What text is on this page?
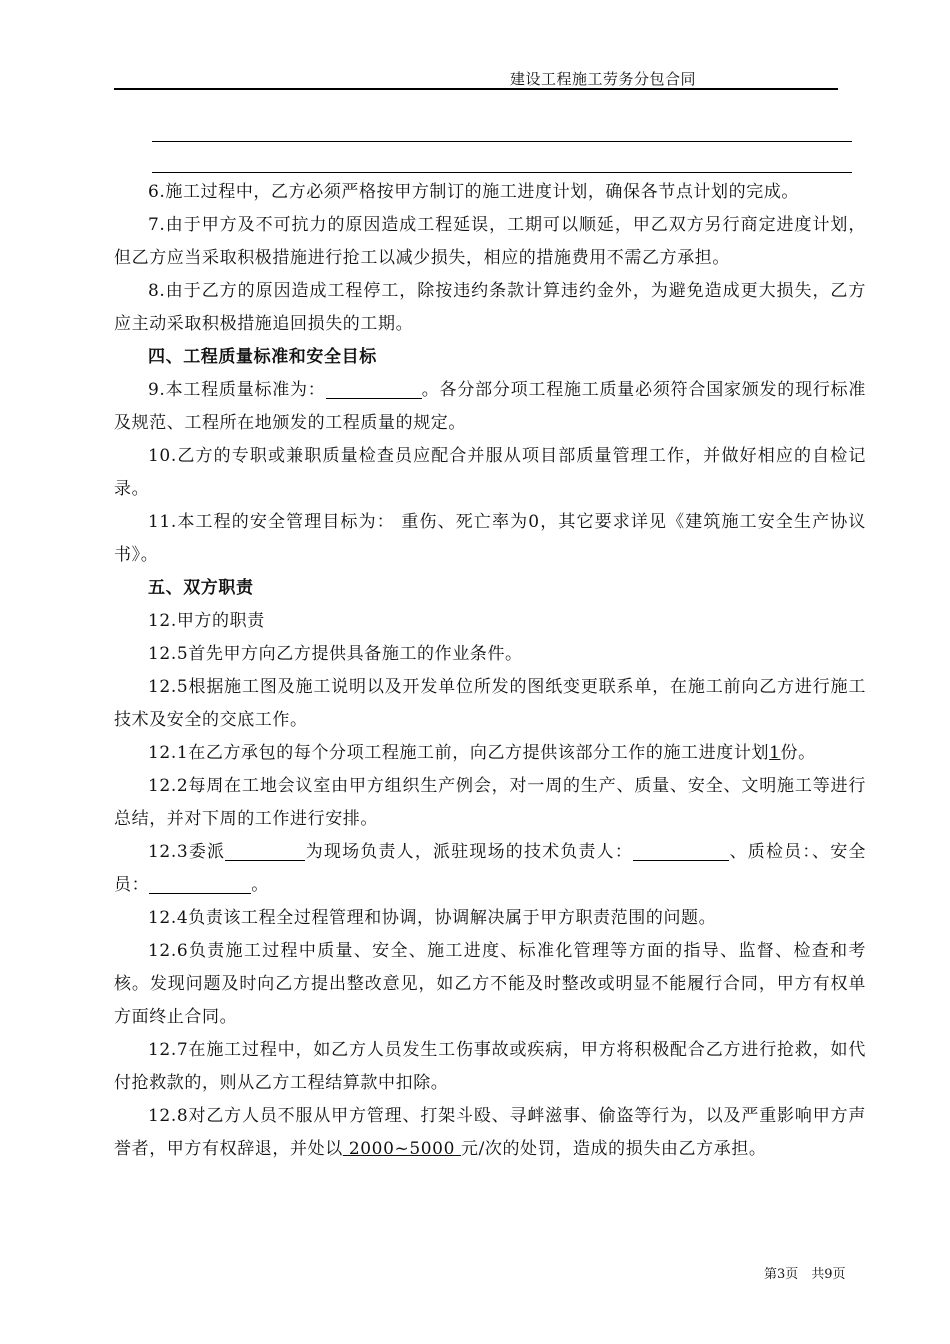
建设工程施工劳务分包合同

6.施工过程中，乙方必须严格按甲方制订的施工进度计划，确保各节点计划的完成。

7.由于甲方及不可抗力的原因造成工程延误，工期可以顺延，甲乙双方另行商定进度计划，但乙方应当采取积极措施进行抢工以减少损失，相应的措施费用不需乙方承担。

8.由于乙方的原因造成工程停工，除按违约条款计算违约金外，为避免造成更大损失，乙方应主动采取积极措施追回损失的工期。

四、工程质量标准和安全目标

9.本工程质量标准为：	。各分部分项工程施工质量必须符合国家颁发的现行标准及规范、工程所在地颁发的工程质量的规定。

10.乙方的专职或兼职质量检查员应配合并服从项目部质量管理工作，并做好相应的自检记录。

11.本工程的安全管理目标为： 重伤、死亡率为0，其它要求详见《建筑施工安全生产协议书》。

五、双方职责

12.甲方的职责

12.5首先甲方向乙方提供具备施工的作业条件。

12.5根据施工图及施工说明以及开发单位所发的图纸变更联系单，在施工前向乙方进行施工技术及安全的交底工作。

12.1在乙方承包的每个分项工程施工前，向乙方提供该部分工作的施工进度计划1份。

12.2每周在工地会议室由甲方组织生产例会，对一周的生产、质量、安全、文明施工等进行总结，并对下周的工作进行安排。

12.3委派	为现场负责人，派驻现场的技术负责人：	、质检员：、安全员：	。

12.4负责该工程全过程管理和协调，协调解决属于甲方职责范围的问题。

12.6负责施工过程中质量、安全、施工进度、标准化管理等方面的指导、监督、检查和考核。发现问题及时向乙方提出整改意见，如乙方不能及时整改或明显不能履行合同，甲方有权单方面终止合同。

12.7在施工过程中，如乙方人员发生工伤事故或疾病，甲方将积极配合乙方进行抢救，如代付抢救款的，则从乙方工程结算款中扣除。

12.8对乙方人员不服从甲方管理、打架斗殴、寻衅滋事、偷盗等行为，以及严重影响甲方声誉者，甲方有权辞退，并处以 2000~5000 元/次的处罚，造成的损失由乙方承担。

第3页　共9页
